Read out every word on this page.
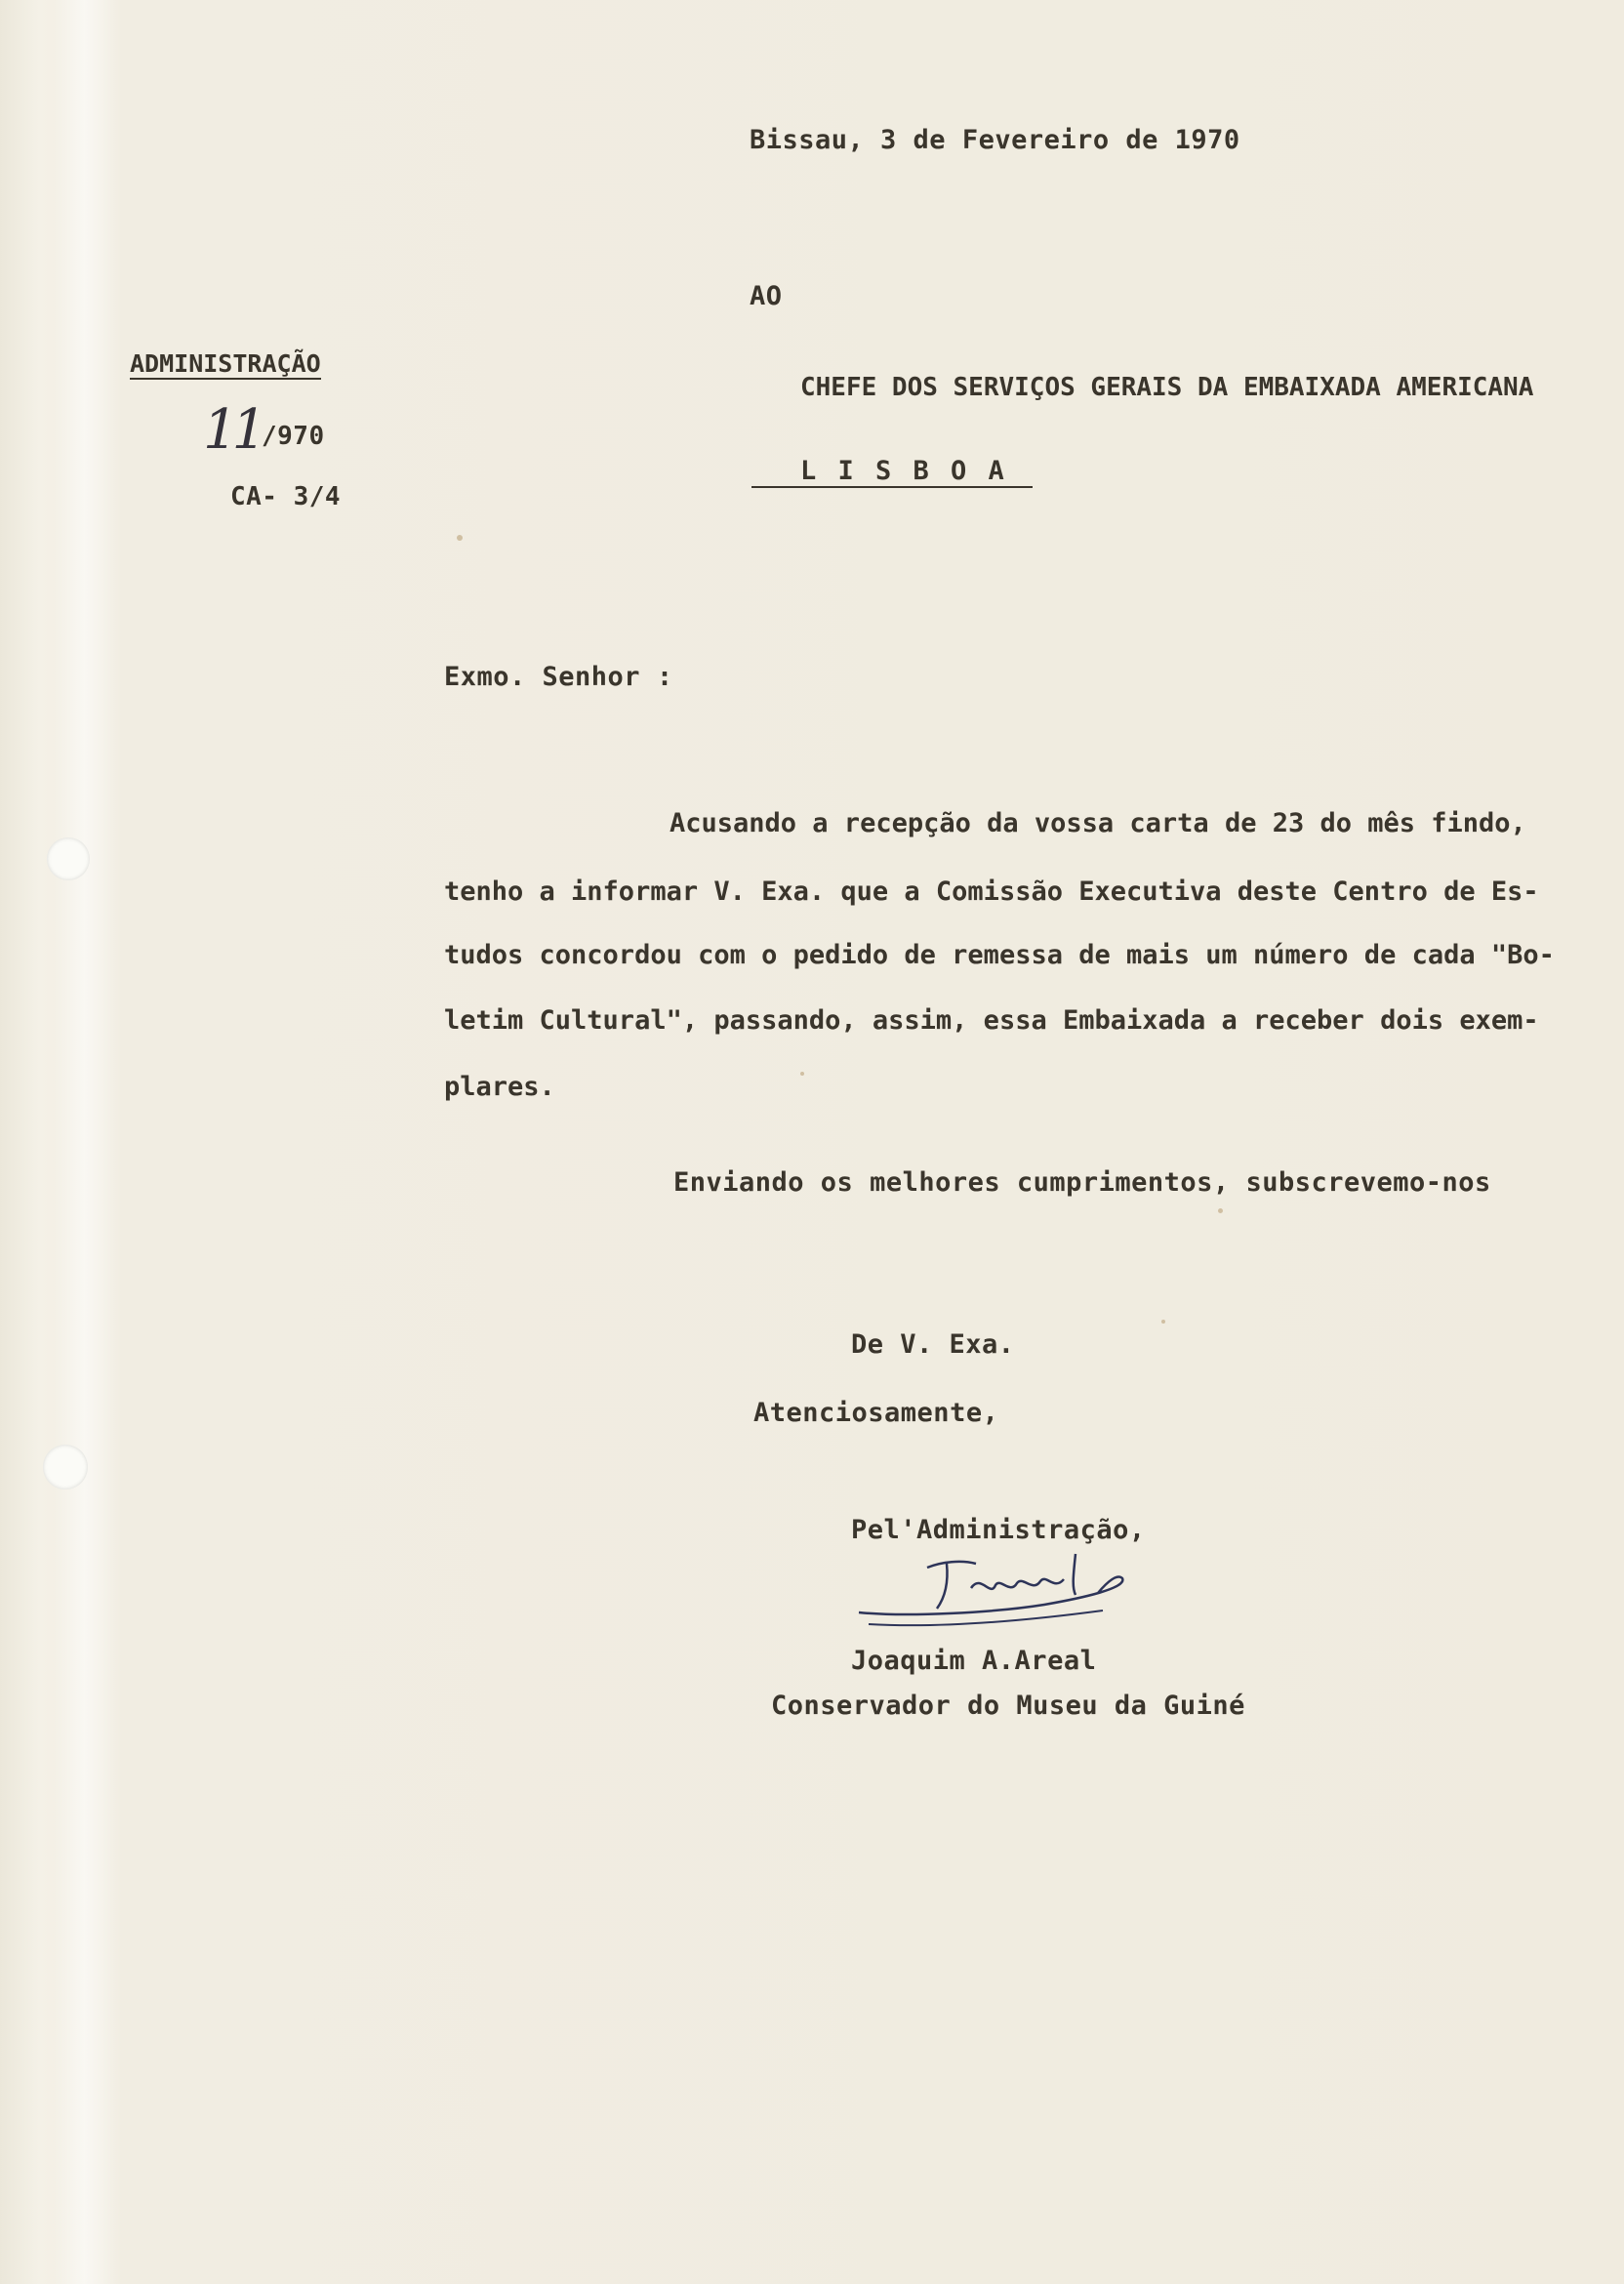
Bissau, 3 de Fevereiro de 1970
AO
CHEFE DOS SERVIÇOS GERAIS DA EMBAIXADA AMERICANA
L I S B O A
ADMINISTRAÇÃO
11 /970
CA- 3/4
Exmo. Senhor :
Acusando a recepção da vossa carta de 23 do mês findo,
tenho a informar V. Exa. que a Comissão Executiva deste Centro de Es-
tudos concordou com o pedido de remessa de mais um número de cada "Bo-
letim Cultural", passando, assim, essa Embaixada a receber dois exem-
plares.
Enviando os melhores cumprimentos, subscrevemo-nos
De V. Exa.
Atenciosamente,
Pel'Administração,
Joaquim A.Areal
Conservador do Museu da Guiné
